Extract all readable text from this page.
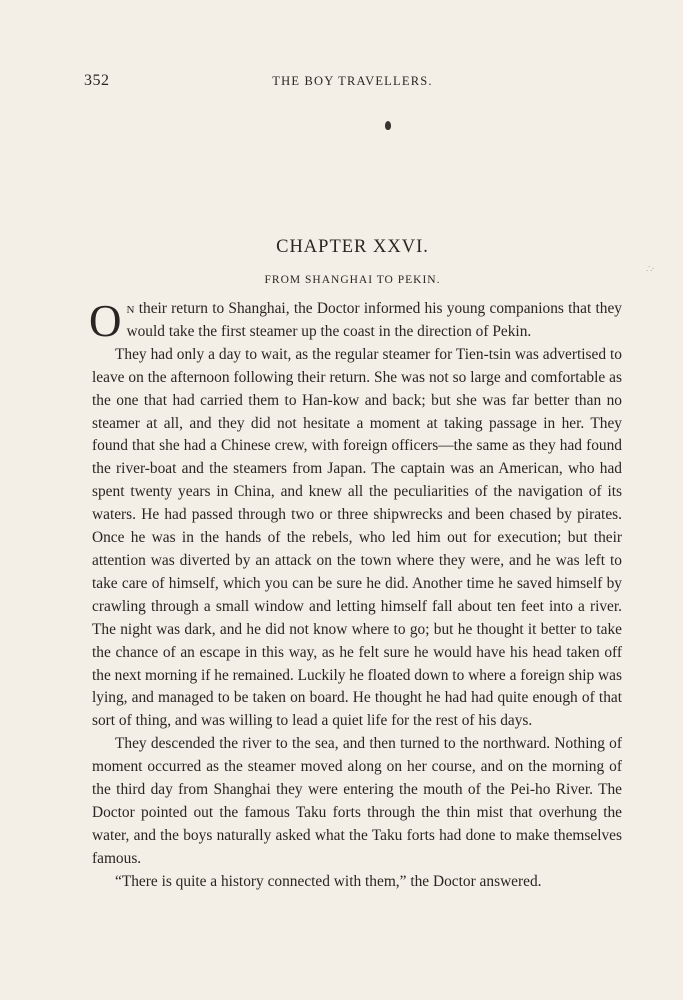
352	THE BOY TRAVELLERS.
∴·
CHAPTER XXVI.
FROM SHANGHAI TO PEKIN.

On their return to Shanghai, the Doctor informed his young companions that they would take the first steamer up the coast in the direction of Pekin.

They had only a day to wait, as the regular steamer for Tien-tsin was advertised to leave on the afternoon following their return. She was not so large and comfortable as the one that had carried them to Han-kow and back; but she was far better than no steamer at all, and they did not hesitate a moment at taking passage in her. They found that she had a Chinese crew, with foreign officers—the same as they had found the river-boat and the steamers from Japan. The captain was an American, who had spent twenty years in China, and knew all the peculiarities of the navigation of its waters. He had passed through two or three shipwrecks and been chased by pirates. Once he was in the hands of the rebels, who led him out for execution; but their attention was diverted by an attack on the town where they were, and he was left to take care of himself, which you can be sure he did. Another time he saved himself by crawling through a small window and letting himself fall about ten feet into a river. The night was dark, and he did not know where to go; but he thought it better to take the chance of an escape in this way, as he felt sure he would have his head taken off the next morning if he remained. Luckily he floated down to where a foreign ship was lying, and managed to be taken on board. He thought he had had quite enough of that sort of thing, and was willing to lead a quiet life for the rest of his days.

They descended the river to the sea, and then turned to the northward. Nothing of moment occurred as the steamer moved along on her course, and on the morning of the third day from Shanghai they were entering the mouth of the Pei-ho River. The Doctor pointed out the famous Taku forts through the thin mist that overhung the water, and the boys naturally asked what the Taku forts had done to make themselves famous.

“There is quite a history connected with them,” the Doctor answered.
